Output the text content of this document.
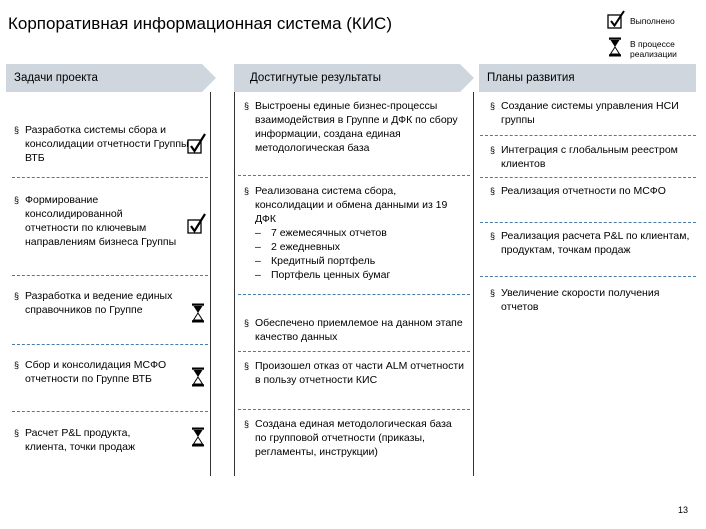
Корпоративная информационная система (КИС)	Выполнено
В процессе реализации
Задачи проекта	Достигнутые результаты	Планы развития
§ Разработка системы сбора и консолидации отчетности Группы ВТБ
§ Формирование консолидированной отчетности по ключевым направлениям бизнеса Группы
§ Разработка и ведение единых справочников по Группе
§ Сбор и консолидация МСФО отчетности по Группе ВТБ
§ Расчет P&L продукта, клиента, точки продаж
§ Выстроены единые бизнес-процессы взаимодействия в Группе и ДФК по сбору информации, создана единая методологическая база
§ Реализована система сбора, консолидации и обмена данными из 19 ДФК
– 7 ежемесячных отчетов
– 2 ежедневных
– Кредитный портфель
– Портфель ценных бумаг
§ Обеспечено приемлемое на данном этапе качество данных
§ Произошел отказ от части ALM отчетности в пользу отчетности КИС
§ Создана единая методологическая база по групповой отчетности (приказы, регламенты, инструкции)
§ Создание системы управления НСИ группы
§ Интеграция с глобальным реестром клиентов
§ Реализация отчетности по МСФО
§ Реализация расчета P&L по клиентам, продуктам, точкам продаж
§ Увеличение скорости получения отчетов
13
